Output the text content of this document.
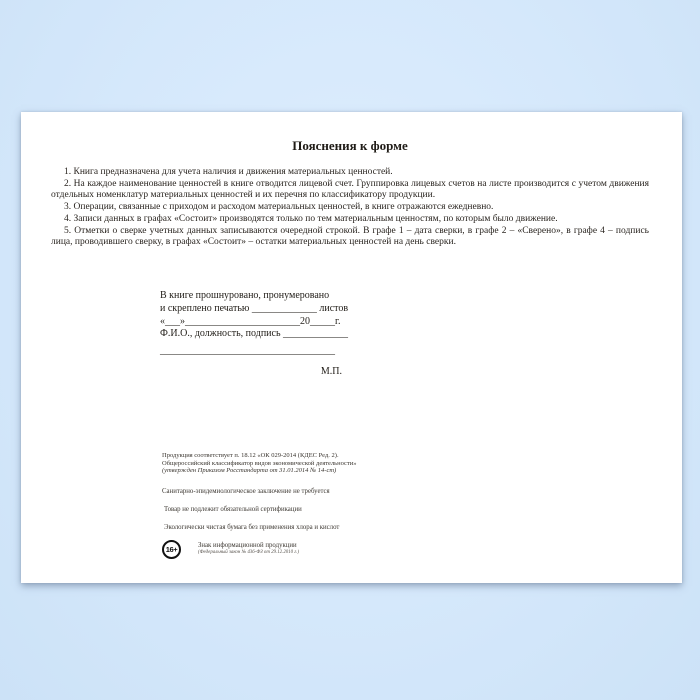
Пояснения к форме

1. Книга предназначена для учета наличия и движения материальных ценностей.

2. На каждое наименование ценностей в книге отводится лицевой счет. Группировка лицевых счетов на листе производится с учетом движения отдельных номенклатур материальных ценностей и их перечня по классификатору продукции.

3. Операции, связанные с приходом и расходом материальных ценностей, в книге отражаются ежедневно.

4. Записи данных в графах «Состоит» производятся только по тем материальным ценностям, по которым было движение.

5. Отметки о сверке учетных данных записываются очередной строкой. В графе 1 – дата сверки, в графе 2 – «Сверено», в графе 4 – подпись лица, проводившего сверку, в графах «Состоит» – остатки материальных ценностей на день сверки.

В книге прошнуровано, пронумеровано
и скреплено печатью _____________ листов
«___»_______________________20_____г.
Ф.И.О., должность, подпись _____________
___________________________________
М.П.
Продукция соответствует п. 18.12 «ОК 029-2014 (КДЕС Ред. 2).
Общероссийский классификатор видов экономической деятельности»
(утвержден Приказом Росстандарта от 31.01.2014 № 14-ст)
Санитарно-эпидемиологическое заключение не требуется
Товар не подлежит обязательной сертификации
Экологически чистая бумага без применения хлора и кислот
16+	Знак информационной продукции
(Федеральный закон № 436-ФЗ от 29.12.2010 г.)
